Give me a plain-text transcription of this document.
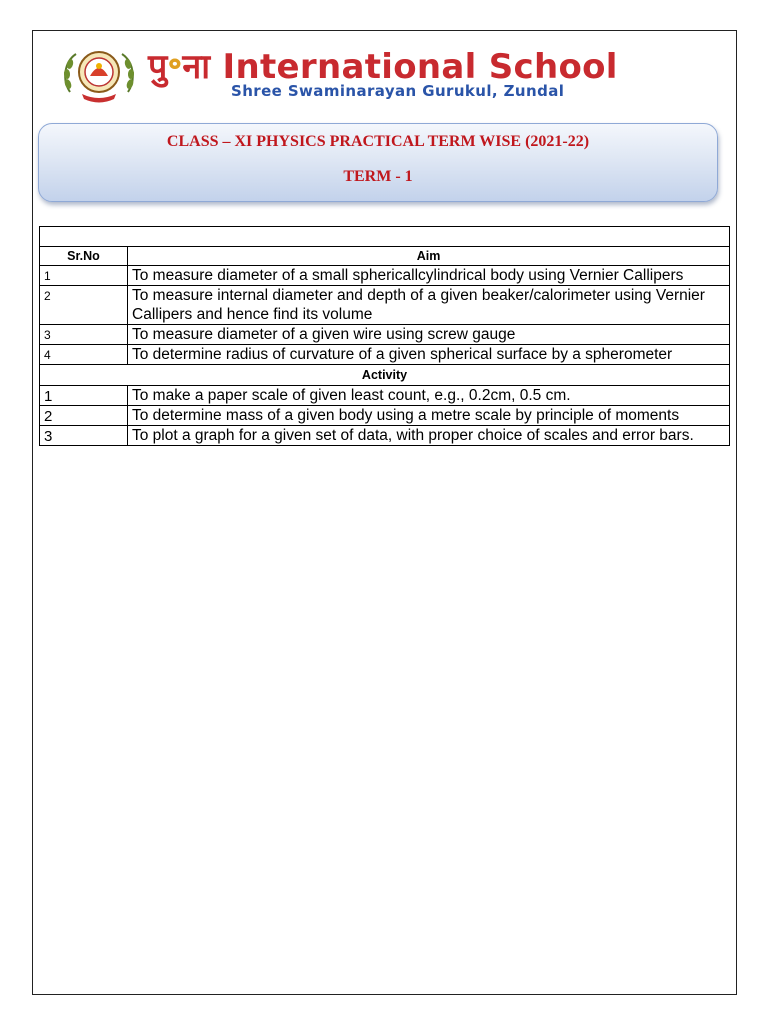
पु॰ना International School
Shree Swaminarayan Gurukul, Zundal
CLASS – XI PHYSICS PRACTICAL TERM WISE (2021-22)
TERM - 1

Sr.No	Aim
1	To measure diameter of a small sphericallcylindrical body using Vernier Callipers
2	To measure internal diameter and depth of a given beaker/calorimeter using Vernier Callipers and hence find its volume
3	To measure diameter of a given wire using screw gauge
4	To determine radius of curvature of a given spherical surface by a spherometer
Activity	
1	To make a paper scale of given least count, e.g., 0.2cm, 0.5 cm.
2	To determine mass of a given body using a metre scale by principle of moments
3	To plot a graph for a given set of data, with proper choice of scales and error bars.
